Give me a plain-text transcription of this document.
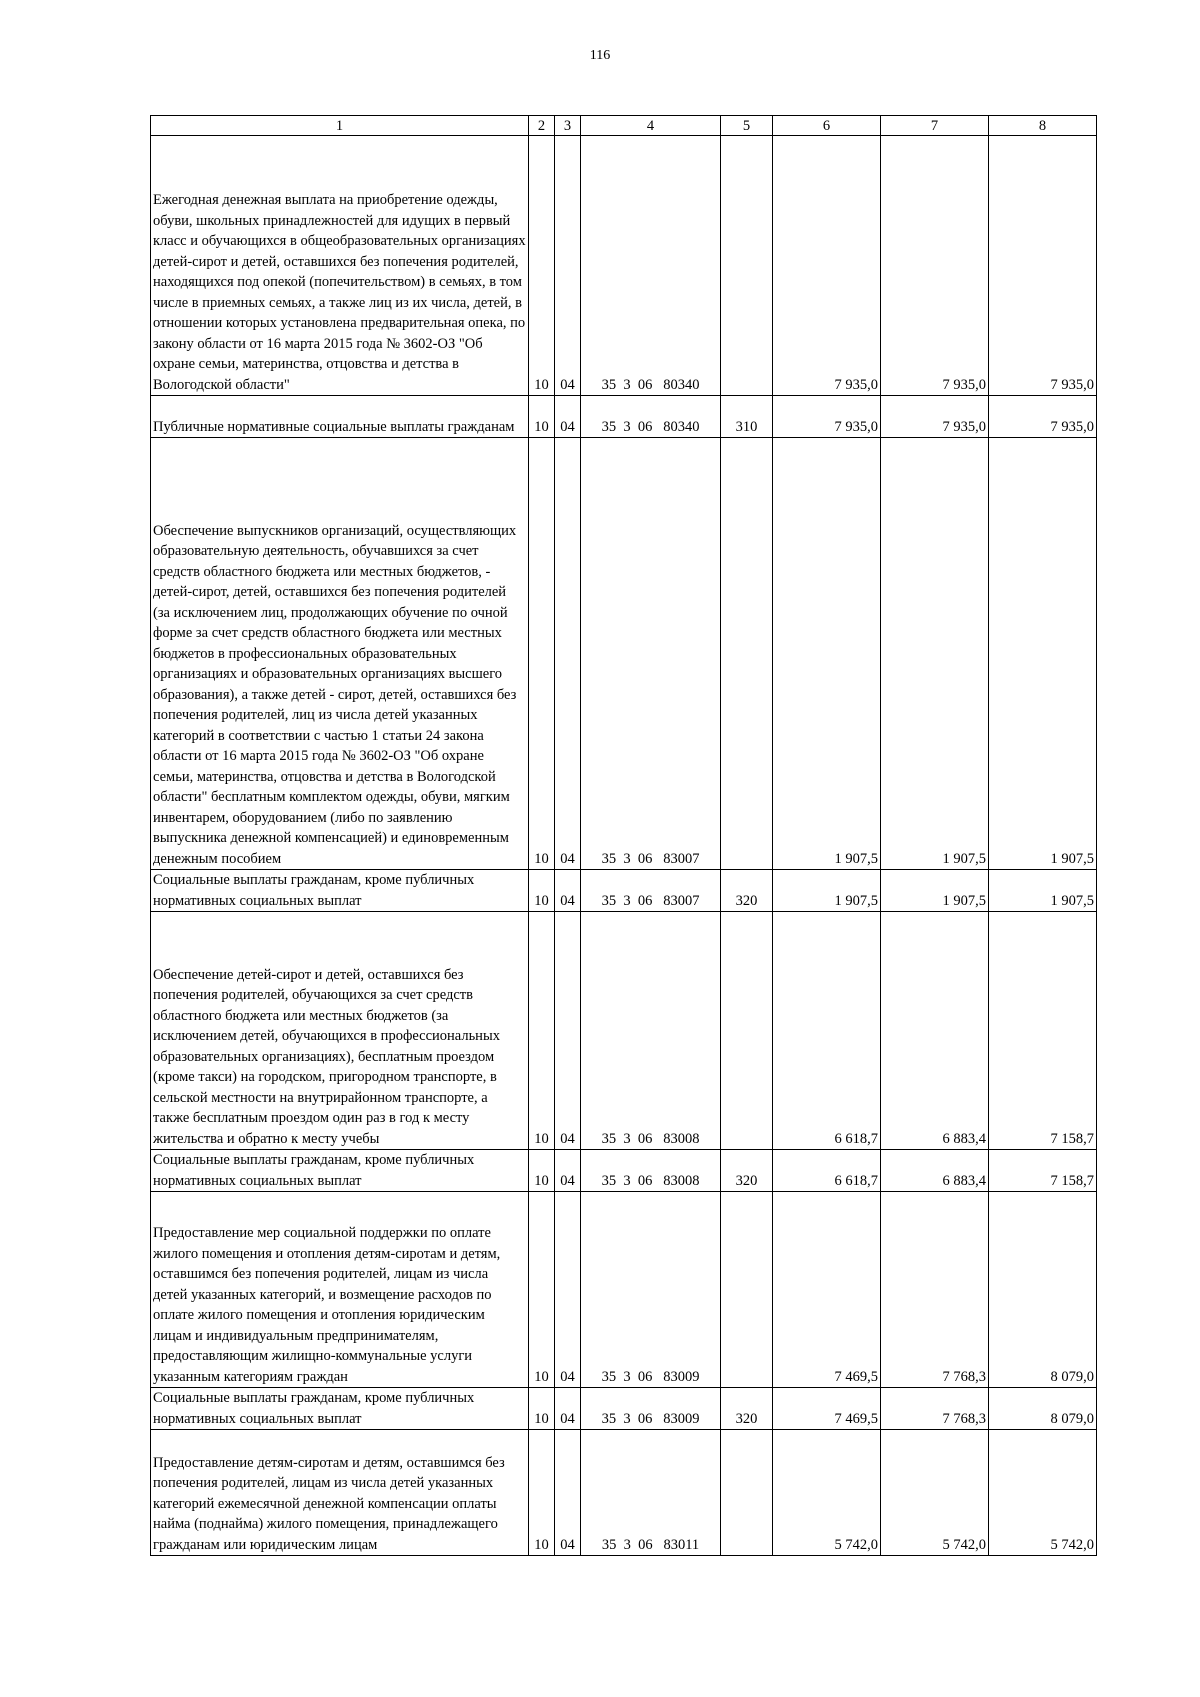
116
1	2	3	4	5	6	7	8
Ежегодная денежная выплата на приобретение одежды, обуви, школьных принадлежностей для идущих в первый класс и обучающихся в общеобразовательных организациях детей-сирот и детей, оставшихся без попечения родителей, находящихся под опекой (попечительством) в семьях, в том числе в приемных семьях, а также лиц из их числа, детей, в отношении которых установлена предварительная опека, по закону области от 16 марта 2015 года № 3602-ОЗ "Об охране семьи, материнства, отцовства и детства в Вологодской области"	10	04	35  3  06   80340		7 935,0	7 935,0	7 935,0
Публичные нормативные социальные выплаты гражданам	10	04	35  3  06   80340	310	7 935,0	7 935,0	7 935,0
Обеспечение выпускников организаций, осуществляющих образовательную деятельность, обучавшихся за счет средств областного бюджета или местных бюджетов, - детей-сирот, детей, оставшихся без попечения родителей (за исключением лиц, продолжающих обучение по очной форме за счет средств областного бюджета или местных бюджетов в профессиональных образовательных организациях и образовательных организациях высшего образования), а также детей - сирот, детей, оставшихся без попечения родителей, лиц из числа детей указанных категорий в соответствии с частью 1 статьи 24 закона области от 16 марта 2015 года № 3602-ОЗ "Об охране семьи, материнства, отцовства и детства в Вологодской области" бесплатным комплектом одежды, обуви, мягким инвентарем, оборудованием (либо по заявлению выпускника денежной компенсацией) и единовременным денежным пособием	10	04	35  3  06   83007		1 907,5	1 907,5	1 907,5
Социальные выплаты гражданам, кроме публичных нормативных социальных выплат	10	04	35  3  06   83007	320	1 907,5	1 907,5	1 907,5
Обеспечение детей-сирот и детей, оставшихся без попечения родителей, обучающихся за счет средств областного бюджета или местных бюджетов (за исключением детей, обучающихся в профессиональных образовательных организациях), бесплатным проездом (кроме такси) на городском, пригородном транспорте, в сельской местности на внутрирайонном транспорте, а также бесплатным проездом один раз в год к месту жительства и обратно к месту учебы	10	04	35  3  06   83008		6 618,7	6 883,4	7 158,7
Социальные выплаты гражданам, кроме публичных нормативных социальных выплат	10	04	35  3  06   83008	320	6 618,7	6 883,4	7 158,7
Предоставление мер социальной поддержки по оплате жилого помещения и отопления детям-сиротам и детям, оставшимся без попечения родителей, лицам из числа детей указанных категорий, и возмещение расходов по оплате жилого помещения и отопления юридическим лицам и индивидуальным предпринимателям, предоставляющим жилищно-коммунальные услуги указанным категориям граждан	10	04	35  3  06   83009		7 469,5	7 768,3	8 079,0
Социальные выплаты гражданам, кроме публичных нормативных социальных выплат	10	04	35  3  06   83009	320	7 469,5	7 768,3	8 079,0
Предоставление детям-сиротам и детям, оставшимся без попечения родителей, лицам из числа детей указанных категорий ежемесячной денежной компенсации оплаты найма (поднайма) жилого помещения, принадлежащего гражданам или юридическим лицам	10	04	35  3  06   83011		5 742,0	5 742,0	5 742,0
